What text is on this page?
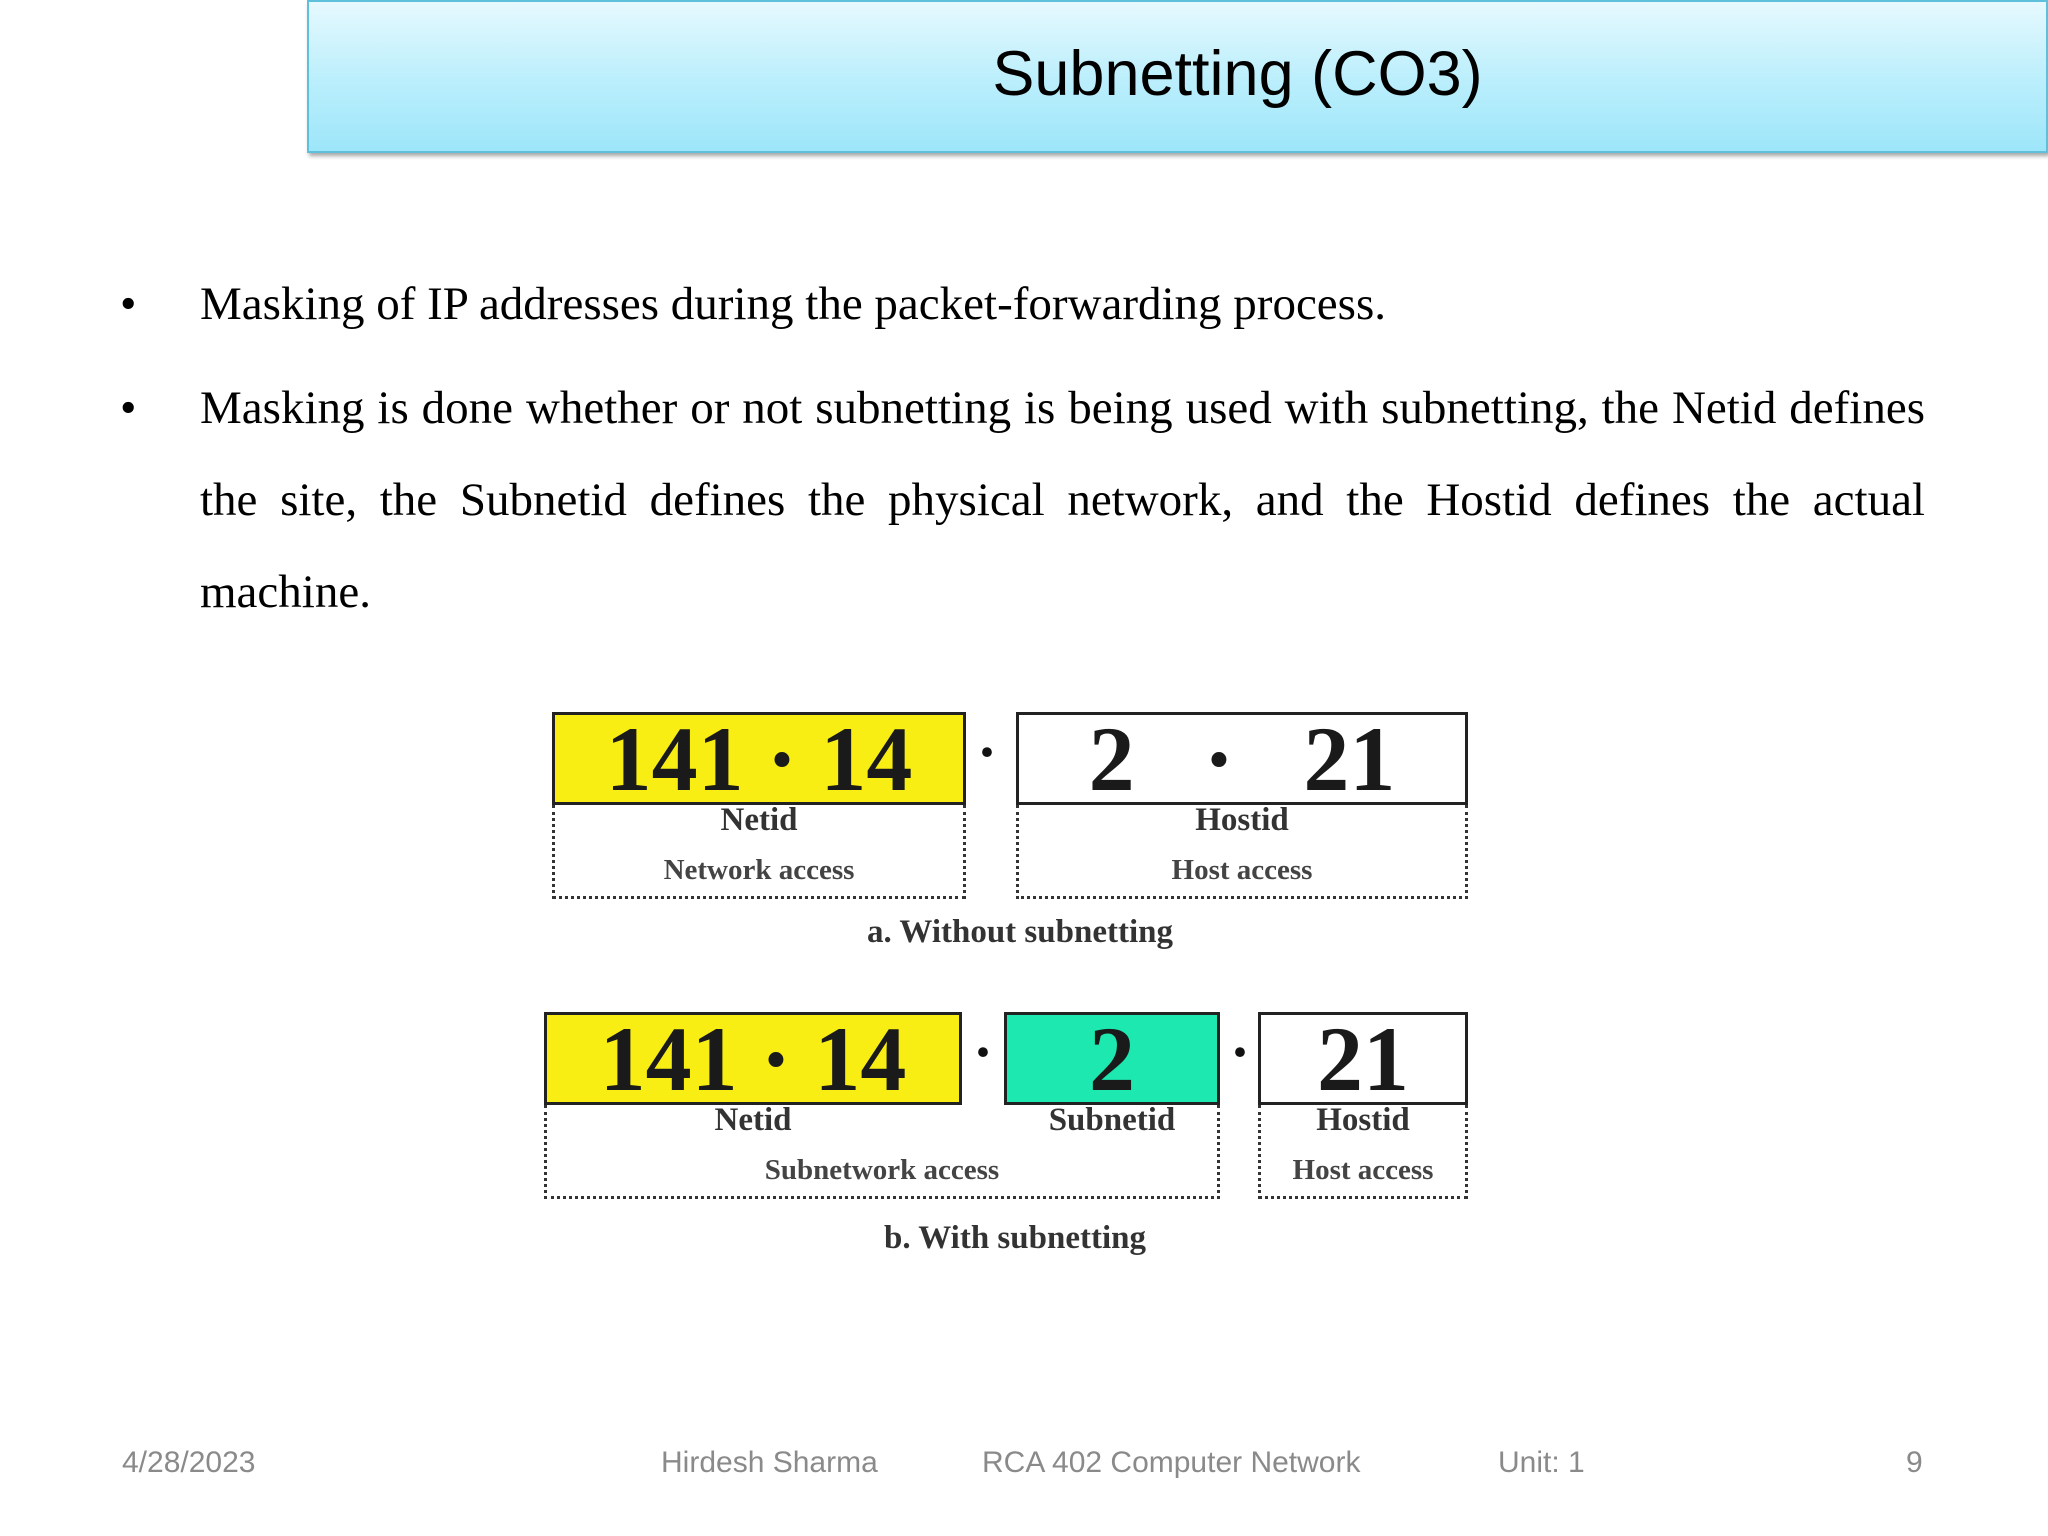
Subnetting (CO3)
• Masking of IP addresses during the packet-forwarding process.
• Masking is done whether or not subnetting is being used with subnetting, the Netid defines the site, the Subnetid defines the physical network, and the Hostid defines the actual machine.
141 · 14	· 2   ·   21
Netid	Hostid
Network access	Host access
a. Without subnetting
141 · 14	·	2	· 21
Netid	Subnetid	Hostid
Subnetwork access	Host access
b. With subnetting
4/28/2023	Hirdesh Sharma	RCA 402 Computer Network	Unit: 1	9
